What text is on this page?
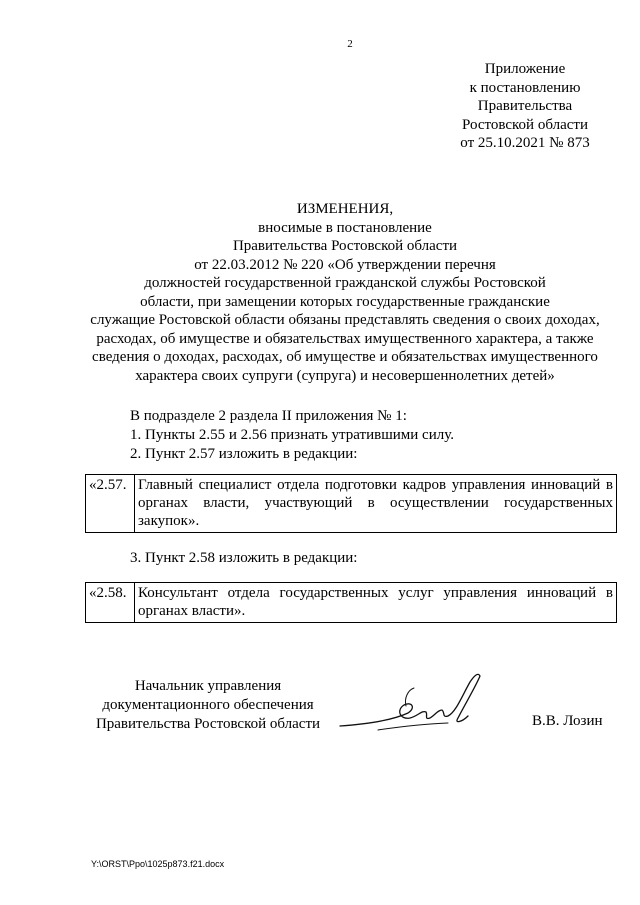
2
Приложение
к постановлению
Правительства
Ростовской области
от 25.10.2021 № 873
ИЗМЕНЕНИЯ,
вносимые в постановление
Правительства Ростовской области
от 22.03.2012 № 220 «Об утверждении перечня
должностей государственной гражданской службы Ростовской
области, при замещении которых государственные гражданские
служащие Ростовской области обязаны представлять сведения о своих доходах,
расходах, об имуществе и обязательствах имущественного характера, а также
сведения о доходах, расходах, об имуществе и обязательствах имущественного
характера своих супруги (супруга) и несовершеннолетних детей»
В подразделе 2 раздела II приложения № 1:
1. Пункты 2.55 и 2.56 признать утратившими силу.
2. Пункт 2.57 изложить в редакции:
«2.57.	Главный специалист отдела подготовки кадров управления инноваций в органах власти, участвующий в осуществлении государственных закупок».
3. Пункт 2.58 изложить в редакции:
«2.58.	Консультант отдела государственных услуг управления инноваций в органах власти».
Начальник управления
документационного обеспечения
Правительства Ростовской области	В.В. Лозин
Y:\ORST\Ppo\1025p873.f21.docx
